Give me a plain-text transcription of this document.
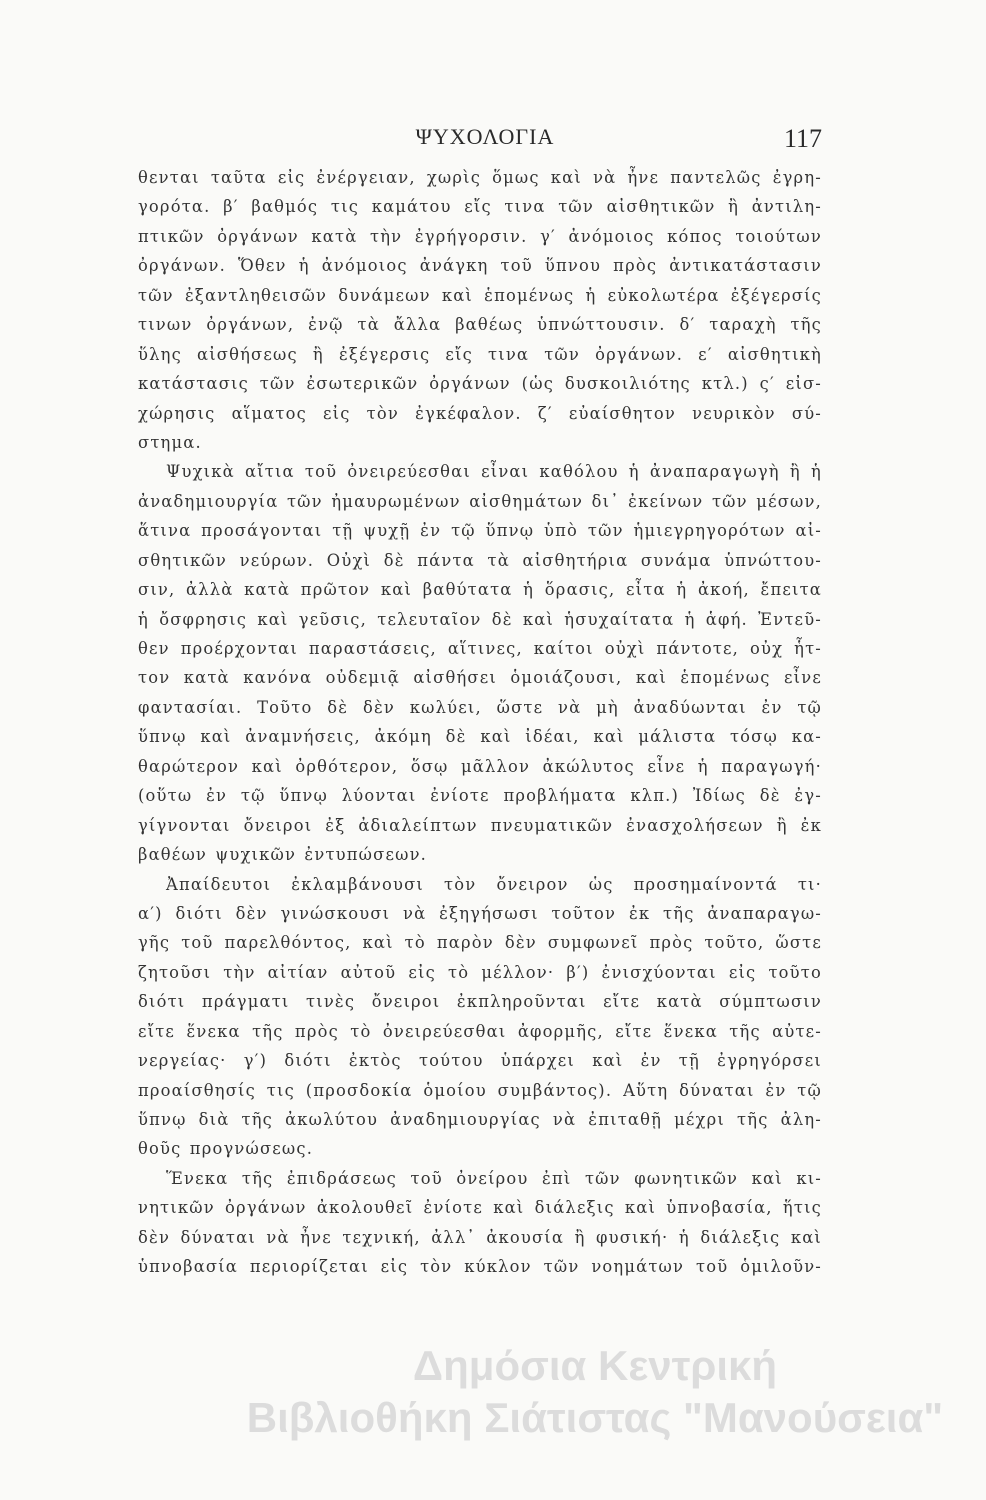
ΨΥΧΟΛΟΓΙΑ	117
θενται ταῦτα εἰς ἐνέργειαν, χωρὶς ὅμως καὶ νὰ ἦνε παντελῶς ἐγρη-
γορότα. β′ βαθμός τις καμάτου εἴς τινα τῶν αἰσθητικῶν ἢ ἀντιλη-
πτικῶν ὀργάνων κατὰ τὴν ἐγρήγορσιν. γ′ ἀνόμοιος κόπος τοιούτων
ὀργάνων. Ὅθεν ἡ ἀνόμοιος ἀνάγκη τοῦ ὕπνου πρὸς ἀντικατάστασιν
τῶν ἐξαντληθεισῶν δυνάμεων καὶ ἑπομένως ἡ εὐκολωτέρα ἐξέγερσίς
τινων ὀργάνων, ἐνῷ τὰ ἄλλα βαθέως ὑπνώττουσιν. δ′ ταραχὴ τῆς
ὕλης αἰσθήσεως ἢ ἐξέγερσις εἴς τινα τῶν ὀργάνων. ε′ αἰσθητικὴ
κατάστασις τῶν ἐσωτερικῶν ὀργάνων (ὡς δυσκοιλιότης κτλ.) ς′ εἰσ-
χώρησις αἵματος εἰς τὸν ἐγκέφαλον. ζ′ εὐαίσθητον νευρικὸν σύ-
στημα.
Ψυχικὰ αἴτια τοῦ ὀνειρεύεσθαι εἶναι καθόλου ἡ ἀναπαραγωγὴ ἢ ἡ
ἀναδημιουργία τῶν ἠμαυρωμένων αἰσθημάτων δι᾿ ἐκείνων τῶν μέσων,
ἅτινα προσάγονται τῇ ψυχῇ ἐν τῷ ὕπνῳ ὑπὸ τῶν ἡμιεγρηγορότων αἰ-
σθητικῶν νεύρων. Οὐχὶ δὲ πάντα τὰ αἰσθητήρια συνάμα ὑπνώττου-
σιν, ἀλλὰ κατὰ πρῶτον καὶ βαθύτατα ἡ ὅρασις, εἶτα ἡ ἀκοή, ἔπειτα
ἡ ὄσφρησις καὶ γεῦσις, τελευταῖον δὲ καὶ ἡσυχαίτατα ἡ ἁφή. Ἐντεῦ-
θεν προέρχονται παραστάσεις, αἵτινες, καίτοι οὐχὶ πάντοτε, οὐχ ἧτ-
τον κατὰ κανόνα οὐδεμιᾷ αἰσθήσει ὁμοιάζουσι, καὶ ἑπομένως εἶνε
φαντασίαι. Τοῦτο δὲ δὲν κωλύει, ὥστε νὰ μὴ ἀναδύωνται ἐν τῷ
ὕπνῳ καὶ ἀναμνήσεις, ἀκόμη δὲ καὶ ἰδέαι, καὶ μάλιστα τόσῳ κα-
θαρώτερον καὶ ὀρθότερον, ὅσῳ μᾶλλον ἀκώλυτος εἶνε ἡ παραγωγή·
(οὕτω ἐν τῷ ὕπνῳ λύονται ἐνίοτε προβλήματα κλπ.) Ἰδίως δὲ ἐγ-
γίγνονται ὄνειροι ἐξ ἀδιαλείπτων πνευματικῶν ἐνασχολήσεων ἢ ἐκ
βαθέων ψυχικῶν ἐντυπώσεων.
Ἀπαίδευτοι ἐκλαμβάνουσι τὸν ὄνειρον ὡς προσημαίνοντά τι·
α′) διότι δὲν γινώσκουσι νὰ ἐξηγήσωσι τοῦτον ἐκ τῆς ἀναπαραγω-
γῆς τοῦ παρελθόντος, καὶ τὸ παρὸν δὲν συμφωνεῖ πρὸς τοῦτο, ὥστε
ζητοῦσι τὴν αἰτίαν αὐτοῦ εἰς τὸ μέλλον· β′) ἐνισχύονται εἰς τοῦτο
διότι πράγματι τινὲς ὄνειροι ἐκπληροῦνται εἴτε κατὰ σύμπτωσιν
εἴτε ἕνεκα τῆς πρὸς τὸ ὀνειρεύεσθαι ἀφορμῆς, εἴτε ἕνεκα τῆς αὐτε-
νεργείας· γ′) διότι ἐκτὸς τούτου ὑπάρχει καὶ ἐν τῇ ἐγρηγόρσει
προαίσθησίς τις (προσδοκία ὁμοίου συμβάντος). Αὕτη δύναται ἐν τῷ
ὕπνῳ διὰ τῆς ἀκωλύτου ἀναδημιουργίας νὰ ἐπιταθῇ μέχρι τῆς ἀλη-
θοῦς προγνώσεως.
Ἕνεκα τῆς ἐπιδράσεως τοῦ ὀνείρου ἐπὶ τῶν φωνητικῶν καὶ κι-
νητικῶν ὀργάνων ἀκολουθεῖ ἐνίοτε καὶ διάλεξις καὶ ὑπνοβασία, ἥτις
δὲν δύναται νὰ ἦνε τεχνική, ἀλλ᾿ ἀκουσία ἢ φυσική· ἡ διάλεξις καὶ
ὑπνοβασία περιορίζεται εἰς τὸν κύκλον τῶν νοημάτων τοῦ ὁμιλοῦν-
Δημόσια Κεντρική
Βιβλιοθήκη Σιάτιστας "Μανούσεια"
